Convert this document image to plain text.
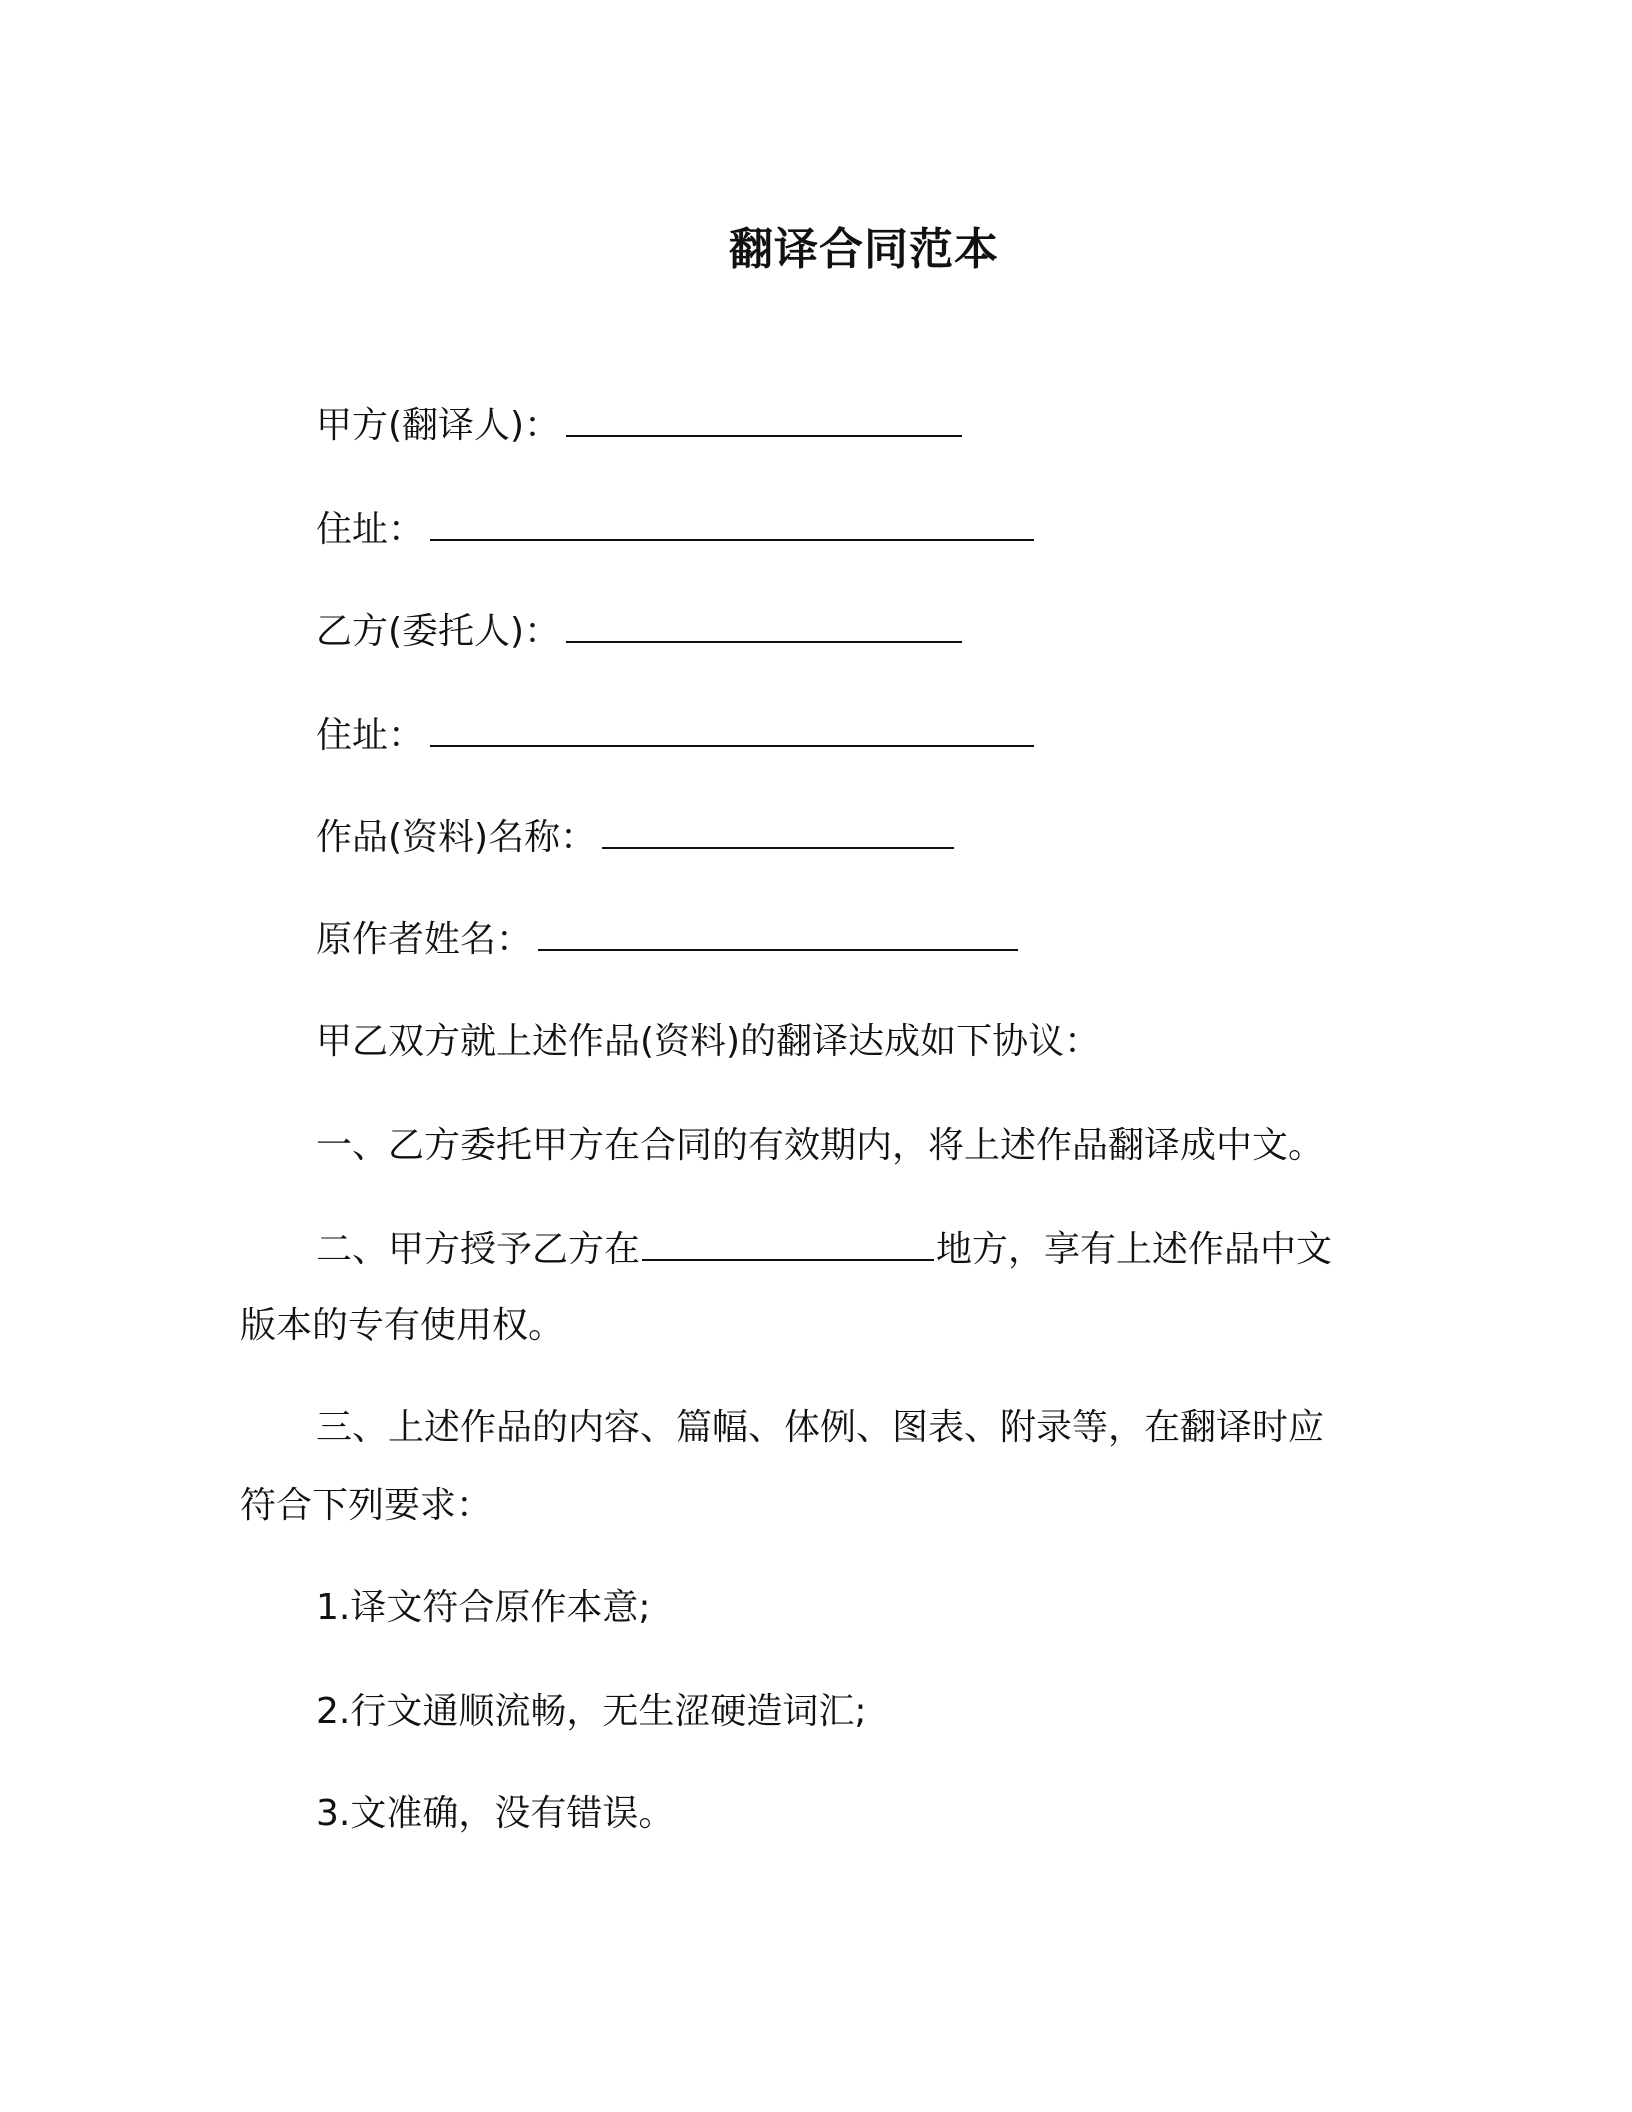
翻译合同范本
甲方(翻译人)：
住址：
乙方(委托人)：
住址：
作品(资料)名称：
原作者姓名：
甲乙双方就上述作品(资料)的翻译达成如下协议：
一、乙方委托甲方在合同的有效期内，将上述作品翻译成中文。
二、甲方授予乙方在	地方，享有上述作品中文
版本的专有使用权。
三、上述作品的内容、篇幅、体例、图表、附录等，在翻译时应
符合下列要求：
1.译文符合原作本意;
2.行文通顺流畅，无生涩硬造词汇;
3.文准确，没有错误。
